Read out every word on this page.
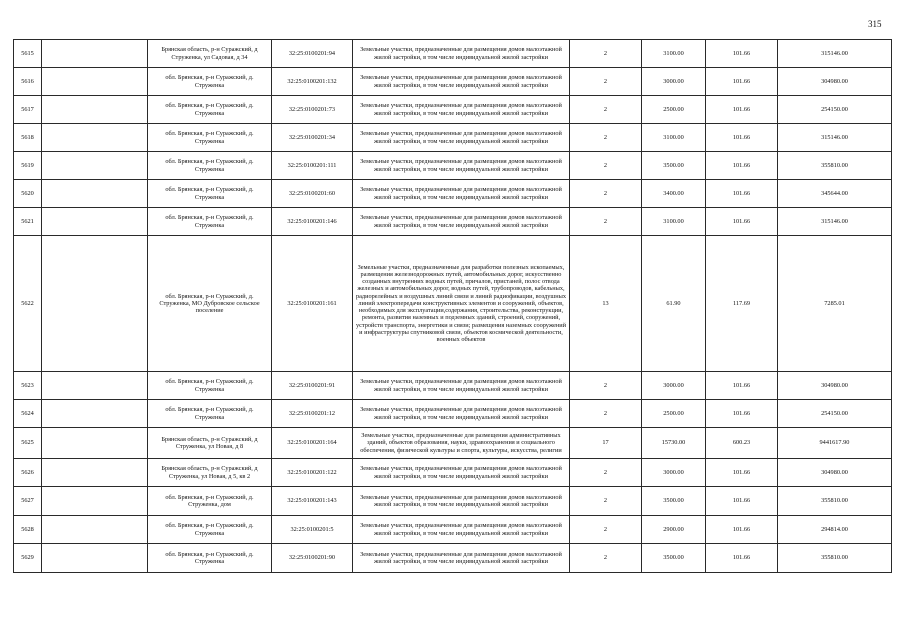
315
5615		Брянская область, р-н Суражский, д Струженка, ул Садовая, д 34	32:25:0100201:94	Земельные участки, предназначенные для размещения домов малоэтажной жилой застройки, в том числе индивидуальной жилой застройки	2	3100.00	101.66	315146.00
5616		обл. Брянская, р-н Суражский, д. Струженка	32:25:0100201:132	Земельные участки, предназначенные для размещения домов малоэтажной жилой застройки, в том числе индивидуальной жилой застройки	2	3000.00	101.66	304980.00
5617		обл. Брянская, р-н Суражский, д. Струженка	32:25:0100201:73	Земельные участки, предназначенные для размещения домов малоэтажной жилой застройки, в том числе индивидуальной жилой застройки	2	2500.00	101.66	254150.00
5618		обл. Брянская, р-н Суражский, д. Струженка	32:25:0100201:34	Земельные участки, предназначенные для размещения домов малоэтажной жилой застройки, в том числе индивидуальной жилой застройки	2	3100.00	101.66	315146.00
5619		обл. Брянская, р-н Суражский, д. Струженка	32:25:0100201:111	Земельные участки, предназначенные для размещения домов малоэтажной жилой застройки, в том числе индивидуальной жилой застройки	2	3500.00	101.66	355810.00
5620		обл. Брянская, р-н Суражский, д. Струженка	32:25:0100201:60	Земельные участки, предназначенные для размещения домов малоэтажной жилой застройки, в том числе индивидуальной жилой застройки	2	3400.00	101.66	345644.00
5621		обл. Брянская, р-н Суражский, д. Струженка	32:25:0100201:146	Земельные участки, предназначенные для размещения домов малоэтажной жилой застройки, в том числе индивидуальной жилой застройки	2	3100.00	101.66	315146.00
5622		обл. Брянская, р-н Суражский, д. Струженка, МО Дубровское сельское поселение	32:25:0100201:161	Земельные участки, предназначенные для разработки полезных ископаемых, размещения железнодорожных путей, автомобильных дорог, искусственно созданных внутренних водных путей, причалов, пристаней, полос отвода железных и автомобильных дорог, водных путей, трубопроводов, кабельных, радиорелейных и воздушных линий связи и линий радиофикации, воздушных линий электропередачи конструктивных элементов и сооружений, объектов, необходимых для эксплуатации,содержания, строительства, реконструкции, ремонта, развития наземных и подземных зданий, строений, сооружений, устройств транспорта, энергетики и связи; размещения наземных сооружений и инфраструктуры спутниковой связи, объектов космической деятельности, военных объектов	13	61.90	117.69	7285.01
5623		обл. Брянская, р-н Суражский, д. Струженка	32:25:0100201:91	Земельные участки, предназначенные для размещения домов малоэтажной жилой застройки, в том числе индивидуальной жилой застройки	2	3000.00	101.66	304980.00
5624		обл. Брянская, р-н Суражский, д. Струженка	32:25:0100201:12	Земельные участки, предназначенные для размещения домов малоэтажной жилой застройки, в том числе индивидуальной жилой застройки	2	2500.00	101.66	254150.00
5625		Брянская область, р-н Суражский, д Струженка, ул Новая, д 8	32:25:0100201:164	Земельные участки, предназначенные для размещения административных зданий, объектов образования, науки, здравоохранения и социального обеспечения, физической культуры и спорта, культуры, искусства, религии	17	15730.00	600.23	9441617.90
5626		Брянская область, р-н Суражский, д Струженка, ул Новая, д 5, кв 2	32:25:0100201:122	Земельные участки, предназначенные для размещения домов малоэтажной жилой застройки, в том числе индивидуальной жилой застройки	2	3000.00	101.66	304980.00
5627		обл. Брянская, р-н Суражский, д. Струженка, дом	32:25:0100201:143	Земельные участки, предназначенные для размещения домов малоэтажной жилой застройки, в том числе индивидуальной жилой застройки	2	3500.00	101.66	355810.00
5628		обл. Брянская, р-н Суражский, д. Струженка	32:25:0100201:5	Земельные участки, предназначенные для размещения домов малоэтажной жилой застройки, в том числе индивидуальной жилой застройки	2	2900.00	101.66	294814.00
5629		обл. Брянская, р-н Суражский, д. Струженка	32:25:0100201:90	Земельные участки, предназначенные для размещения домов малоэтажной жилой застройки, в том числе индивидуальной жилой застройки	2	3500.00	101.66	355810.00
